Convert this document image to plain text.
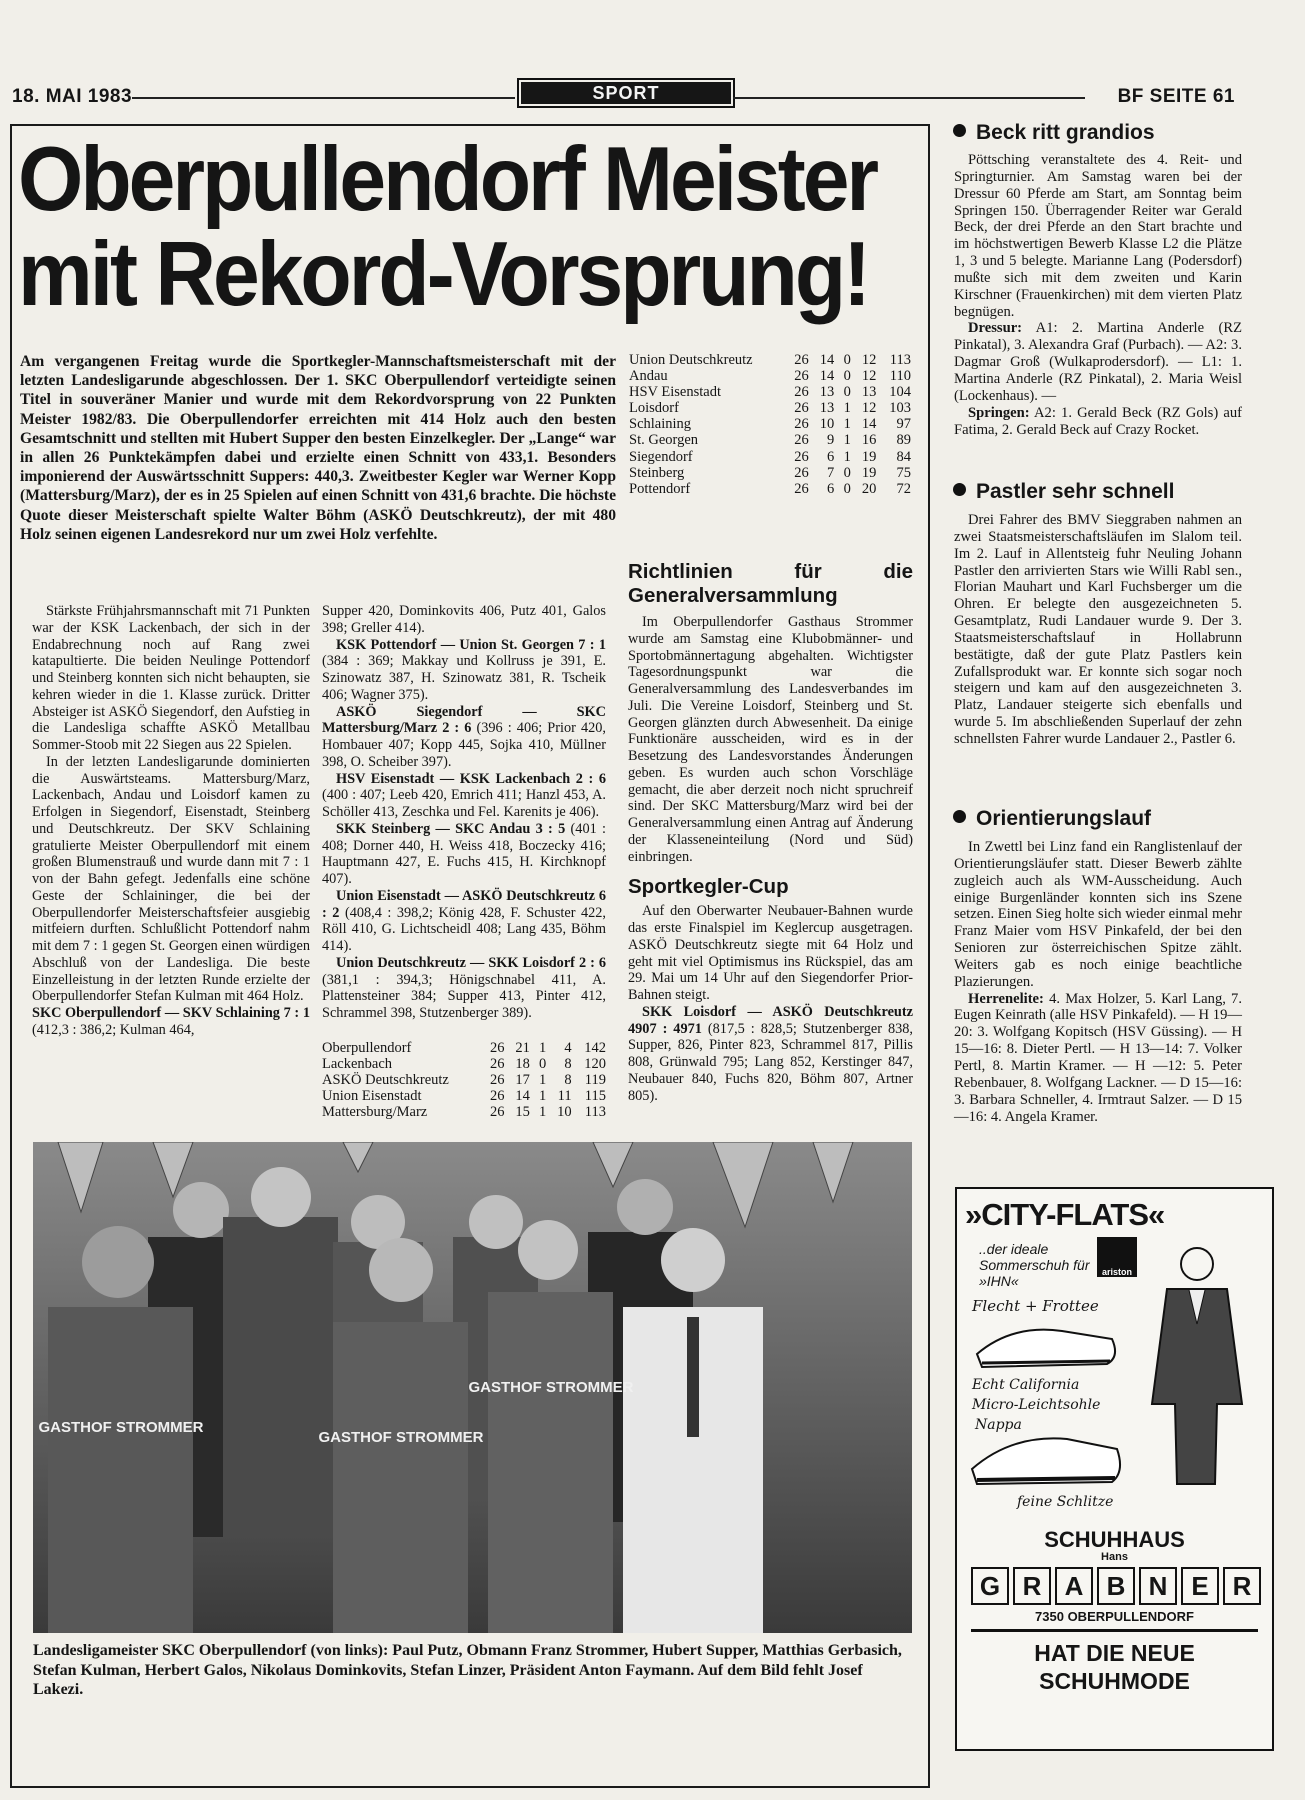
18. MAI 1983	SPORT	BF SEITE 61
Oberpullendorf Meister
mit Rekord-Vorsprung!
Am vergangenen Freitag wurde die Sportkegler-Mannschaftsmeisterschaft mit der letzten Landesligarunde abgeschlossen. Der 1. SKC Oberpullendorf verteidigte seinen Titel in souveräner Manier und wurde mit dem Rekordvorsprung von 22 Punkten Meister 1982/83. Die Oberpullendorfer erreichten mit 414 Holz auch den besten Gesamtschnitt und stellten mit Hubert Supper den besten Einzelkegler. Der „Lange“ war in allen 26 Punktekämpfen dabei und erzielte einen Schnitt von 433,1. Besonders imponierend der Auswärtsschnitt Suppers: 440,3. Zweitbester Kegler war Werner Kopp (Mattersburg/Marz), der es in 25 Spielen auf einen Schnitt von 431,6 brachte. Die höchste Quote dieser Meisterschaft spielte Walter Böhm (ASKÖ Deutschkreutz), der mit 480 Holz seinen eigenen Landesrekord nur um zwei Holz verfehlte.

Stärkste Frühjahrsmannschaft mit 71 Punkten war der KSK Lackenbach, der sich in der Endabrechnung noch auf Rang zwei katapultierte. Die beiden Neulinge Pottendorf und Steinberg konnten sich nicht behaupten, sie kehren wieder in die 1. Klasse zurück. Dritter Absteiger ist ASKÖ Siegendorf, den Aufstieg in die Landesliga schaffte ASKÖ Metallbau Sommer-Stoob mit 22 Siegen aus 22 Spielen.

In der letzten Landesligarunde dominierten die Auswärtsteams. Mattersburg/Marz, Lackenbach, Andau und Loisdorf kamen zu Erfolgen in Siegendorf, Eisenstadt, Steinberg und Deutschkreutz. Der SKV Schlaining gratulierte Meister Oberpullendorf mit einem großen Blumenstrauß und wurde dann mit 7 : 1 von der Bahn gefegt. Jedenfalls eine schöne Geste der Schlaininger, die bei der Oberpullendorfer Meisterschaftsfeier ausgiebig mitfeiern durften. Schlußlicht Pottendorf nahm mit dem 7 : 1 gegen St. Georgen einen würdigen Abschluß von der Landesliga. Die beste Einzelleistung in der letzten Runde erzielte der Oberpullendorfer Stefan Kulman mit 464 Holz.

SKC Oberpullendorf — SKV Schlaining 7 : 1 (412,3 : 386,2; Kulman 464,

Supper 420, Dominkovits 406, Putz 401, Galos 398; Greller 414).

KSK Pottendorf — Union St. Georgen 7 : 1 (384 : 369; Makkay und Kollruss je 391, E. Szinowatz 387, H. Szinowatz 381, R. Tscheik 406; Wagner 375).

ASKÖ Siegendorf — SKC Mattersburg/Marz 2 : 6 (396 : 406; Prior 420, Hombauer 407; Kopp 445, Sojka 410, Müllner 398, O. Scheiber 397).

HSV Eisenstadt — KSK Lackenbach 2 : 6 (400 : 407; Leeb 420, Emrich 411; Hanzl 453, A. Schöller 413, Zeschka und Fel. Karenits je 406).

SKK Steinberg — SKC Andau 3 : 5 (401 : 408; Dorner 440, H. Weiss 418, Boczecky 416; Hauptmann 427, E. Fuchs 415, H. Kirchknopf 407).

Union Eisenstadt — ASKÖ Deutschkreutz 6 : 2 (408,4 : 398,2; König 428, F. Schuster 422, Röll 410, G. Lichtscheidl 408; Lang 435, Böhm 414).

Union Deutschkreutz — SKK Loisdorf 2 : 6 (381,1 : 394,3; Hönigschnabel 411, A. Plattensteiner 384; Supper 413, Pinter 412, Schrammel 398, Stutzenberger 389).

Oberpullendorf	26	21	1	4	142
Lackenbach	26	18	0	8	120
ASKÖ Deutschkreutz	26	17	1	8	119
Union Eisenstadt	26	14	1	11	115
Mattersburg/Marz	26	15	1	10	113
Union Deutschkreutz	26	14	0	12	113
Andau	26	14	0	12	110
HSV Eisenstadt	26	13	0	13	104
Loisdorf	26	13	1	12	103
Schlaining	26	10	1	14	97
St. Georgen	26	9	1	16	89
Siegendorf	26	6	1	19	84
Steinberg	26	7	0	19	75
Pottendorf	26	6	0	20	72
Richtlinien für die Generalversammlung

Im Oberpullendorfer Gasthaus Strommer wurde am Samstag eine Klubobmänner- und Sportobmännertagung abgehalten. Wichtigster Tagesordnungspunkt war die Generalversammlung des Landesverbandes im Juli. Die Vereine Loisdorf, Steinberg und St. Georgen glänzten durch Abwesenheit. Da einige Funktionäre ausscheiden, wird es in der Besetzung des Landesvorstandes Änderungen geben. Es wurden auch schon Vorschläge gemacht, die aber derzeit noch nicht spruchreif sind. Der SKC Mattersburg/Marz wird bei der Generalversammlung einen Antrag auf Änderung der Klasseneinteilung (Nord und Süd) einbringen.

Sportkegler-Cup

Auf den Oberwarter Neubauer-Bahnen wurde das erste Finalspiel im Keglercup ausgetragen. ASKÖ Deutschkreutz siegte mit 64 Holz und geht mit viel Optimismus ins Rückspiel, das am 29. Mai um 14 Uhr auf den Siegendorfer Prior-Bahnen steigt.

SKK Loisdorf — ASKÖ Deutschkreutz 4907 : 4971 (817,5 : 828,5; Stutzenberger 838, Supper, 826, Pinter 823, Schrammel 817, Pillis 808, Grünwald 795; Lang 852, Kerstinger 847, Neubauer 840, Fuchs 820, Böhm 807, Artner 805).

GASTHOF STROMMER
GASTHOF STROMMER
GASTHOF STROMMER
Landesligameister SKC Oberpullendorf (von links): Paul Putz, Obmann Franz Strommer, Hubert Supper, Matthias Gerbasich, Stefan Kulman, Herbert Galos, Nikolaus Dominkovits, Stefan Linzer, Präsident Anton Faymann. Auf dem Bild fehlt Josef Lakezi.
Beck ritt grandios

Pöttsching veranstaltete des 4. Reit- und Springturnier. Am Samstag waren bei der Dressur 60 Pferde am Start, am Sonntag beim Springen 150. Überragender Reiter war Gerald Beck, der drei Pferde an den Start brachte und im höchstwertigen Bewerb Klasse L2 die Plätze 1, 3 und 5 belegte. Marianne Lang (Podersdorf) mußte sich mit dem zweiten und Karin Kirschner (Frauenkirchen) mit dem vierten Platz begnügen.

Dressur: A1: 2. Martina Anderle (RZ Pinkatal), 3. Alexandra Graf (Purbach). — A2: 3. Dagmar Groß (Wulkaprodersdorf). — L1: 1. Martina Anderle (RZ Pinkatal), 2. Maria Weisl (Lockenhaus). —

Springen: A2: 1. Gerald Beck (RZ Gols) auf Fatima, 2. Gerald Beck auf Crazy Rocket.

Pastler sehr schnell

Drei Fahrer des BMV Sieggraben nahmen an zwei Staatsmeisterschaftsläufen im Slalom teil. Im 2. Lauf in Allentsteig fuhr Neuling Johann Pastler den arrivierten Stars wie Willi Rabl sen., Florian Mauhart und Karl Fuchsberger um die Ohren. Er belegte den ausgezeichneten 5. Gesamtplatz, Rudi Landauer wurde 9. Der 3. Staatsmeisterschaftslauf in Hollabrunn bestätigte, daß der gute Platz Pastlers kein Zufallsprodukt war. Er konnte sich sogar noch steigern und kam auf den ausgezeichneten 3. Platz, Landauer steigerte sich ebenfalls und wurde 5. Im abschließenden Superlauf der zehn schnellsten Fahrer wurde Landauer 2., Pastler 6.

Orientierungslauf

In Zwettl bei Linz fand ein Ranglistenlauf der Orientierungsläufer statt. Dieser Bewerb zählte zugleich auch als WM-Ausscheidung. Auch einige Burgenländer konnten sich ins Szene setzen. Einen Sieg holte sich wieder einmal mehr Franz Maier vom HSV Pinkafeld, der bei den Senioren zur österreichischen Spitze zählt. Weiters gab es noch einige beachtliche Plazierungen.

Herrenelite: 4. Max Holzer, 5. Karl Lang, 7. Eugen Keinrath (alle HSV Pinkafeld). — H 19—20: 3. Wolfgang Kopitsch (HSV Güssing). — H 15—16: 8. Dieter Pertl. — H 13—14: 7. Volker Pertl, 8. Martin Kramer. — H —12: 5. Peter Rebenbauer, 8. Wolfgang Lackner. — D 15—16: 3. Barbara Schneller, 4. Irmtraut Salzer. — D 15—16: 4. Angela Kramer.

»CITY-FLATS«
..der ideale Sommerschuh für »IHN«
ariston
Flecht + Frottee
Echt California
Micro-Leichtsohle
Nappa
feine Schlitze
SCHUHHAUS
Hans
G R A B N E R
7350 OBERPULLENDORF
HAT DIE NEUE
SCHUHMODE
